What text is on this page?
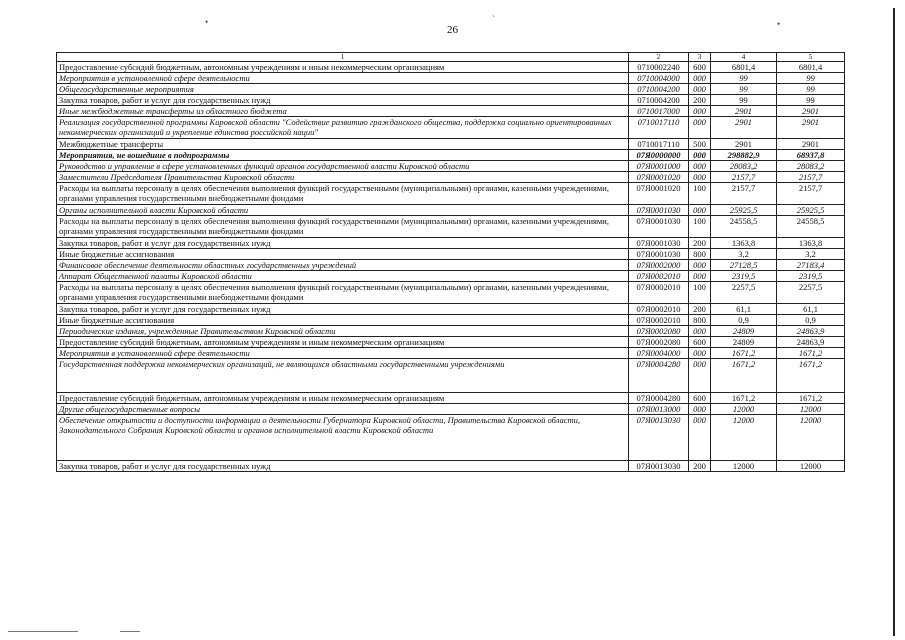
26
•	`	•
1	2	3	4	5
Предоставление субсидий бюджетным, автономным учреждениям и иным некоммерческим организациям	0710002240	600	6801,4	6801,4
Мероприятия в установленной сфере деятельности	0710004000	000	99	99
Общегосударственные мероприятия	0710004200	000	99	99
Закупка товаров, работ и услуг для государственных нужд	0710004200	200	99	99
Иные межбюджетные трансферты из областного бюджета	0710017000	000	2901	2901
Реализация государственной программы Кировской области "Содействие развитию гражданского общества, поддержка социально ориентированных некоммерческих организаций и укрепление единства российской нации"	0710017110	000	2901	2901
Межбюджетные трансферты	0710017110	500	2901	2901
Мероприятия, не вошедшие в подпрограммы	07Я0000000	000	298882,9	68937,8
Руководство и управление в сфере установленных функций органов государственной власти Кировской области	07Я0001000	000	28083,2	28083,2
Заместители Председателя Правительства Кировской области	07Я0001020	000	2157,7	2157,7
Расходы на выплаты персоналу в целях обеспечения выполнения функций государственными (муниципальными) органами, казенными учреждениями, органами управления государственными внебюджетными фондами	07Я0001020	100	2157,7	2157,7
Органы исполнительной власти Кировской области	07Я0001030	000	25925,5	25925,5
Расходы на выплаты персоналу в целях обеспечения выполнения функций государственными (муниципальными) органами, казенными учреждениями, органами управления государственными внебюджетными фондами	07Я0001030	100	24558,5	24558,5
Закупка товаров, работ и услуг для государственных нужд	07Я0001030	200	1363,8	1363,8
Иные бюджетные ассигнования	07Я0001030	800	3,2	3,2
Финансовое обеспечение деятельности областных государственных учреждений	07Я0002000	000	27128,5	27183,4
Аппарат Общественной палаты Кировской области	07Я0002010	000	2319,5	2319,5
Расходы на выплаты персоналу в целях обеспечения выполнения функций государственными (муниципальными) органами, казенными учреждениями, органами управления государственными внебюджетными фондами	07Я0002010	100	2257,5	2257,5
Закупка товаров, работ и услуг для государственных нужд	07Я0002010	200	61,1	61,1
Иные бюджетные ассигнования	07Я0002010	800	0,9	0,9
Периодические издания, учрежденные Правительством Кировской области	07Я0002080	000	24809	24863,9
Предоставление субсидий бюджетным, автономным учреждениям и иным некоммерческим организациям	07Я0002080	600	24809	24863,9
Мероприятия в установленной сфере деятельности	07Я0004000	000	1671,2	1671,2
Государственная поддержка некоммерческих организаций, не являющихся областными государственными учреждениями	07Я0004280	000	1671,2	1671,2
Предоставление субсидий бюджетным, автономным учреждениям и иным некоммерческим организациям	07Я0004280	600	1671,2	1671,2
Другие общегосударственные вопросы	07Я0013000	000	12000	12000
Обеспечение открытости и доступности информации о деятельности Губернатора Кировской области, Правительства Кировской области, Законодательного Собрания Кировской области и органов исполнительной власти Кировской области	07Я0013030	000	12000	12000
Закупка товаров, работ и услуг для государственных нужд	07Я0013030	200	12000	12000
